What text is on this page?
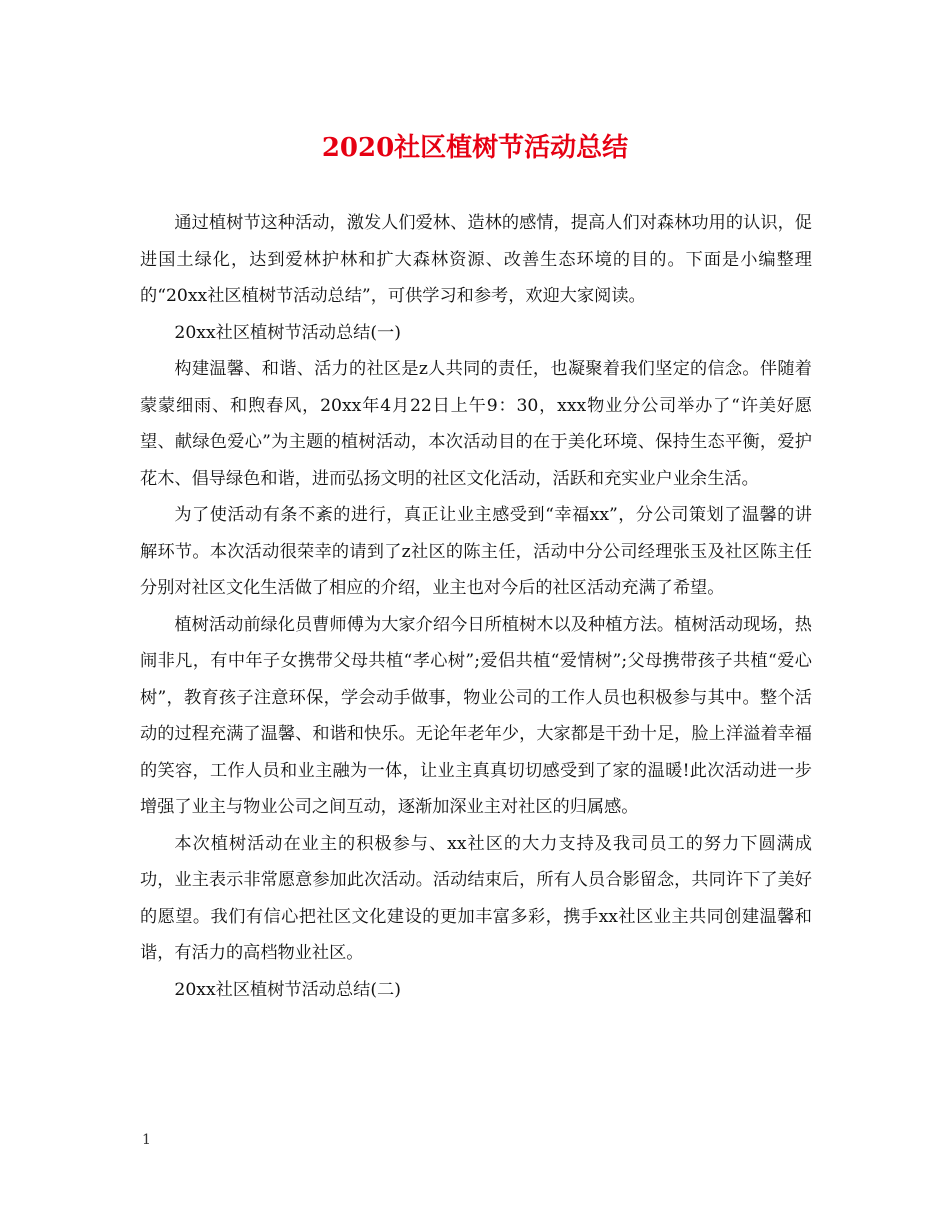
2020社区植树节活动总结

通过植树节这种活动，激发人们爱林、造林的感情，提高人们对森林功用的认识，促进国土绿化，达到爱林护林和扩大森林资源、改善生态环境的目的。下面是小编整理的“20xx社区植树节活动总结”，可供学习和参考，欢迎大家阅读。

20xx社区植树节活动总结(一)

构建温馨、和谐、活力的社区是z人共同的责任，也凝聚着我们坚定的信念。伴随着蒙蒙细雨、和煦春风，20xx年4月22日上午9：30，xxx物业分公司举办了“许美好愿望、献绿色爱心”为主题的植树活动，本次活动目的在于美化环境、保持生态平衡，爱护花木、倡导绿色和谐，进而弘扬文明的社区文化活动，活跃和充实业户业余生活。

为了使活动有条不紊的进行，真正让业主感受到“幸福xx”，分公司策划了温馨的讲解环节。本次活动很荣幸的请到了z社区的陈主任，活动中分公司经理张玉及社区陈主任分别对社区文化生活做了相应的介绍，业主也对今后的社区活动充满了希望。

植树活动前绿化员曹师傅为大家介绍今日所植树木以及种植方法。植树活动现场，热闹非凡，有中年子女携带父母共植“孝心树”;爱侣共植“爱情树”;父母携带孩子共植“爱心树”，教育孩子注意环保，学会动手做事，物业公司的工作人员也积极参与其中。整个活动的过程充满了温馨、和谐和快乐。无论年老年少，大家都是干劲十足，脸上洋溢着幸福的笑容，工作人员和业主融为一体，让业主真真切切感受到了家的温暖!此次活动进一步增强了业主与物业公司之间互动，逐渐加深业主对社区的归属感。

本次植树活动在业主的积极参与、xx社区的大力支持及我司员工的努力下圆满成功，业主表示非常愿意参加此次活动。活动结束后，所有人员合影留念，共同许下了美好的愿望。我们有信心把社区文化建设的更加丰富多彩，携手xx社区业主共同创建温馨和谐，有活力的高档物业社区。

20xx社区植树节活动总结(二)

1
